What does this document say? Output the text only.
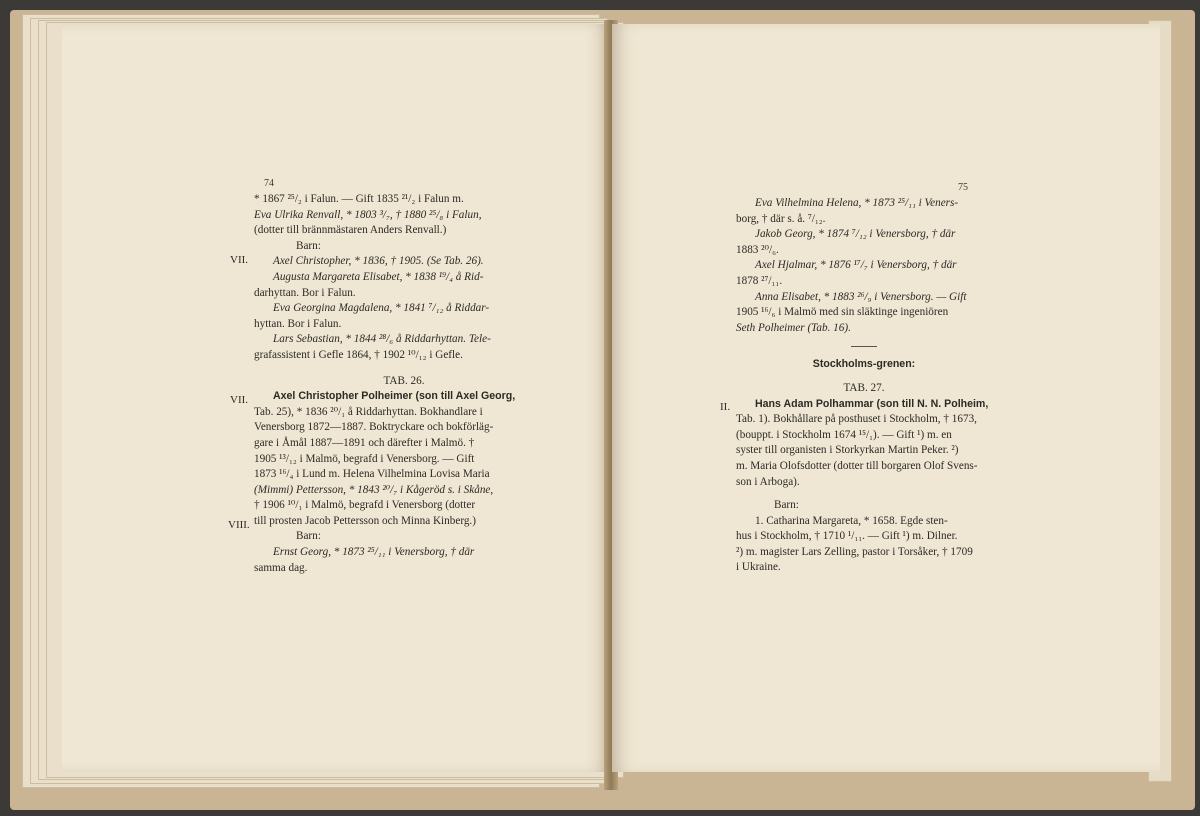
74

* 1867 ²⁵/₂ i Falun. — Gift 1835 ²¹/₂ i Falun m.

Eva Ulrika Renvall, * 1803 ³/₇, † 1880 ²⁵/₈ i Falun,

(dotter till brännmästaren Anders Renvall.)

Barn:

Axel Christopher, * 1836, † 1905. (Se Tab. 26).

Augusta Margareta Elisabet, * 1838 ¹⁹/₄ å Rid-

darhyttan. Bor i Falun.

Eva Georgina Magdalena, * 1841 ⁷/₁₂ å Riddar-

hyttan. Bor i Falun.

Lars Sebastian, * 1844 ²⁸/₆ å Riddarhyttan. Tele-

grafassistent i Gefle 1864, † 1902 ¹⁰/₁₂ i Gefle.

TAB. 26.

Axel Christopher Polheimer (son till Axel Georg,

Tab. 25), * 1836 ²⁰/₁ å Riddarhyttan. Bokhandlare i

Venersborg 1872—1887. Boktryckare och bokförläg-

gare i Åmål 1887—1891 och därefter i Malmö. †

1905 ¹³/₁₂ i Malmö, begrafd i Venersborg. — Gift

1873 ¹⁶/₄ i Lund m. Helena Vilhelmina Lovisa Maria

(Mimmi) Pettersson, * 1843 ²⁰/₇ i Kågeröd s. i Skåne,

† 1906 ¹⁰/₁ i Malmö, begrafd i Venersborg (dotter

till prosten Jacob Pettersson och Minna Kinberg.)

Barn:

Ernst Georg, * 1873 ²⁵/₁₁ i Venersborg, † där

samma dag.

VII.
VII.
VIII.
75

Eva Vilhelmina Helena, * 1873 ²⁵/₁₁ i Veners-

borg, † där s. å. ⁷/₁₂.

Jakob Georg, * 1874 ⁷/₁₂ i Venersborg, † där

1883 ²⁰/₆.

Axel Hjalmar, * 1876 ¹⁷/₇ i Venersborg, † där

1878 ²⁷/₁₁.

Anna Elisabet, * 1883 ²⁶/₉ i Venersborg. — Gift

1905 ¹⁶/₆ i Malmö med sin släktinge ingeniören

Seth Polheimer (Tab. 16).

Stockholms-grenen:

TAB. 27.

Hans Adam Polhammar (son till N. N. Polheim,

Tab. 1). Bokhållare på posthuset i Stockholm, † 1673,

(bouppt. i Stockholm 1674 ¹⁵/₁). — Gift ¹) m. en

syster till organisten i Storkyrkan Martin Peker. ²)

m. Maria Olofsdotter (dotter till borgaren Olof Svens-

son i Arboga).

Barn:

1. Catharina Margareta, * 1658. Egde sten-

hus i Stockholm, † 1710 ¹/₁₁. — Gift ¹) m. Dilner.

²) m. magister Lars Zelling, pastor i Torsåker, † 1709

i Ukraine.

II.
